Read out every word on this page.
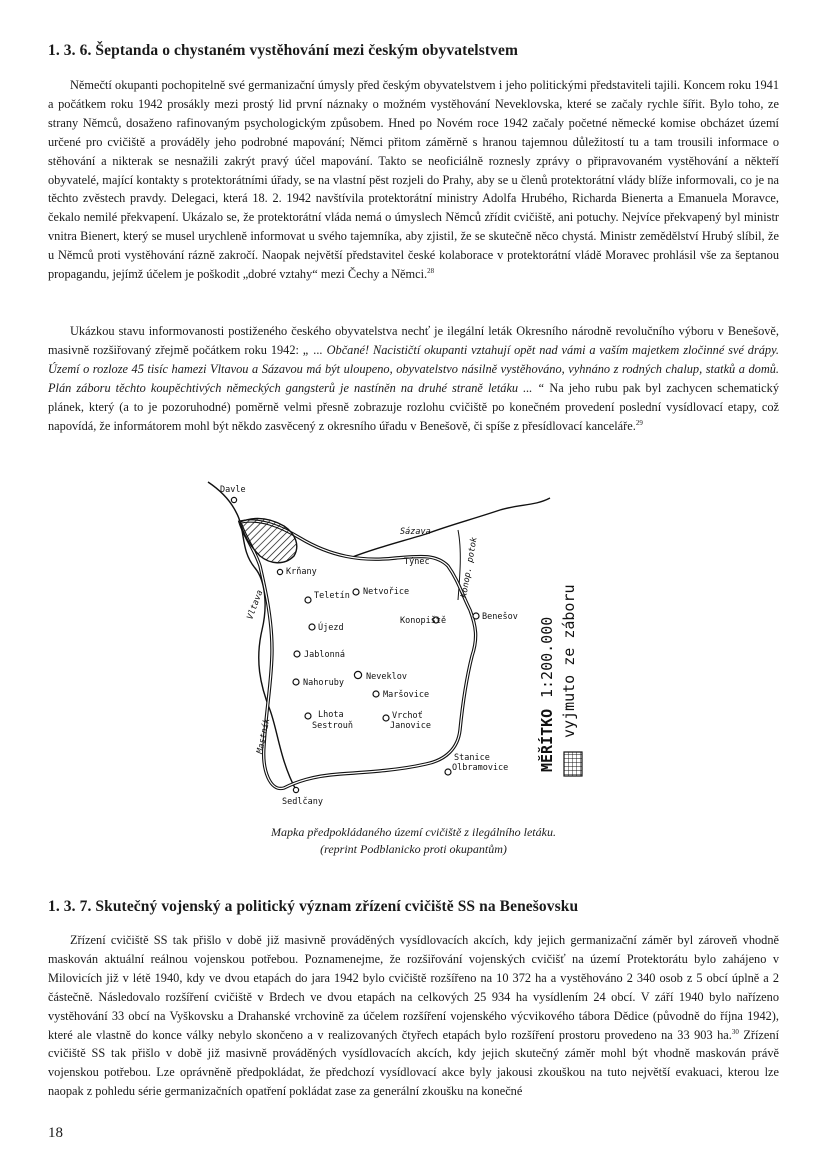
1. 3. 6. Šeptanda o chystaném vystěhování mezi českým obyvatelstvem

Němečtí okupanti pochopitelně své germanizační úmysly před českým obyvatelstvem i jeho politickými představiteli tajili. Koncem roku 1941 a počátkem roku 1942 prosákly mezi prostý lid první náznaky o možném vystěhování Neveklovska, které se začaly rychle šířit. Bylo toho, ze strany Němců, dosaženo rafinovaným psychologickým způsobem. Hned po Novém roce 1942 začaly početné německé komise obcházet území určené pro cvičiště a prováděly jeho podrobné mapování; Němci přitom záměrně s hranou tajemnou důležitostí tu a tam trousili informace o stěhování a nikterak se nesnažili zakrýt pravý účel mapování. Takto se neoficiálně roznesly zprávy o připravovaném vystěhování a někteří obyvatelé, mající kontakty s protektorátními úřady, se na vlastní pěst rozjeli do Prahy, aby se u členů protektorátní vlády blíže informovali, co je na těchto zvěstech pravdy. Delegaci, která 18. 2. 1942 navštívila protektorátní ministry Adolfa Hrubého, Richarda Bienerta a Emanuela Moravce, čekalo nemilé překvapení. Ukázalo se, že protektorátní vláda nemá o úmyslech Němců zřídit cvičiště, ani potuchy. Nejvíce překvapený byl ministr vnitra Bienert, který se musel urychleně informovat u svého tajemníka, aby zjistil, že se skutečně něco chystá. Ministr zemědělství Hrubý slíbil, že u Němců proti vystěhování rázně zakročí. Naopak největší představitel české kolaborace v protektorátní vládě Moravec prohlásil vše za šeptanou propagandu, jejímž účelem je poškodit „dobré vztahy“ mezi Čechy a Němci.$^{28}$

Ukázkou stavu informovanosti postiženého českého obyvatelstva nechť je ilegální leták Okresního národně revolučního výboru v Benešově, masivně rozšiřovaný zřejmě počátkem roku 1942: „ ... Občané! Nacističtí okupanti vztahují opět nad vámi a vaším majetkem zločinné své drápy. Území o rozloze 45 tisíc hamezi Vltavou a Sázavou má být uloupeno, obyvatelstvo násilně vystěhováno, vyhnáno z rodných chalup, statků a domů. Plán záboru těchto koupěchtivých německých gangsterů je nastíněn na druhé straně letáku ... “ Na jeho rubu pak byl zachycen schematický plánek, který (a to je pozoruhodné) poměrně velmi přesně zobrazuje rozlohu cvičiště po konečném provedení poslední vysídlovací etapy, což napovídá, že informátorem mohl být někdo zasvěcený z okresního úřadu v Benešově, či spíše z přesídlovací kanceláře.$^{29}$

Davle
Sázava
Týnec
Krňany
Teletín Netvořice
Újezd
Benešov
Konopiště
Jablonná
Neveklov
Nahoruby
Maršovice
Lhota
Sestrouň
Vrchoť
Janovice
Stanice
Olbramovice
Sedlčany
Vltava
Konop. potok
Mastník	MĚŘÍTKO
1:200.000 vyjmuto ze záboru
Mapka předpokládaného území cvičiště z ilegálního letáku.
(reprint Podblanicko proti okupantům)
1. 3. 7. Skutečný vojenský a politický význam zřízení cvičiště SS na Benešovsku

Zřízení cvičiště SS tak přišlo v době již masivně prováděných vysídlovacích akcích, kdy jejich germanizační záměr byl zároveň vhodně maskován aktuální reálnou vojenskou potřebou. Poznamenejme, že rozšiřování vojenských cvičišť na území Protektorátu bylo zahájeno v Milovicích již v létě 1940, kdy ve dvou etapách do jara 1942 bylo cvičiště rozšířeno na 10 372 ha a vystěhováno 2 340 osob z 5 obcí úplně a 2 částečně. Následovalo rozšíření cvičiště v Brdech ve dvou etapách na celkových 25 934 ha vysídlením 24 obcí. V září 1940 bylo nařízeno vystěhování 33 obcí na Vyškovsku a Drahanské vrchovině za účelem rozšíření vojenského výcvikového tábora Dědice (původně do října 1942), které ale vlastně do konce války nebylo skončeno a v realizovaných čtyřech etapách bylo rozšíření prostoru provedeno na 33 903 ha.$^{30}$ Zřízení cvičiště SS tak přišlo v době již masivně prováděných vysídlovacích akcích, kdy jejich skutečný záměr mohl být vhodně maskován právě vojenskou potřebou. Lze oprávněně předpokládat, že předchozí vysídlovací akce byly jakousi zkouškou na tuto největší evakuaci, kterou lze naopak z pohledu série germanizačních opatření pokládat zase za generální zkoušku na konečné

18
